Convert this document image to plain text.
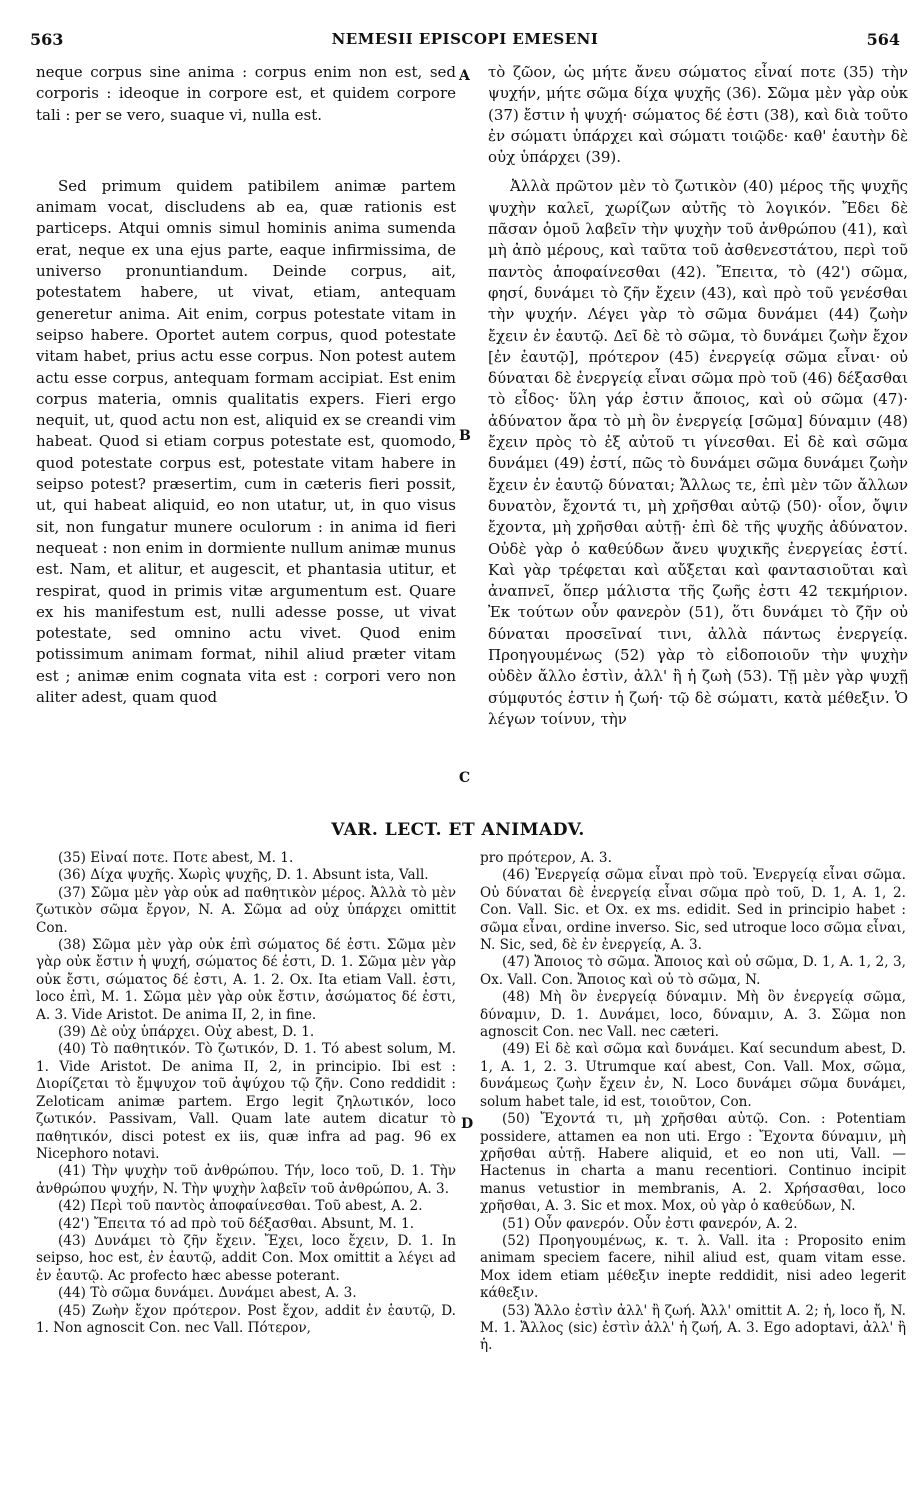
563	NEMESII EPISCOPI EMESENI	564

neque corpus sine anima : corpus enim non est, sed corporis : ideoque in corpore est, et quidem corpore tali : per se vero, suaque vi, nulla est.

Sed primum quidem patibilem animæ partem animam vocat, discludens ab ea, quæ rationis est particeps. Atqui omnis simul hominis anima sumenda erat, neque ex una ejus parte, eaque infirmissima, de universo pronuntiandum. Deinde corpus, ait, potestatem habere, ut vivat, etiam, antequam generetur anima. Ait enim, corpus potestate vitam in seipso habere. Oportet autem corpus, quod potestate vitam habet, prius actu esse corpus. Non potest autem actu esse corpus, antequam formam accipiat. Est enim corpus materia, omnis qualitatis expers. Fieri ergo nequit, ut, quod actu non est, aliquid ex se creandi vim habeat. Quod si etiam corpus potestate est, quomodo, quod potestate corpus est, potestate vitam habere in seipso potest? præsertim, cum in cæteris fieri possit, ut, qui habeat aliquid, eo non utatur, ut, in quo visus sit, non fungatur munere oculorum : in anima id fieri nequeat : non enim in dormiente nullum animæ munus est. Nam, et alitur, et augescit, et phantasia utitur, et respirat, quod in primis vitæ argumentum est. Quare ex his manifestum est, nulli adesse posse, ut vivat potestate, sed omnino actu vivet. Quod enim potissimum animam format, nihil aliud præter vitam est ; animæ enim cognata vita est : corpori vero non aliter adest, quam quod

A
B
C

τὸ ζῶον, ὡς μήτε ἄνευ σώματος εἶναί ποτε (35) τὴν ψυχήν, μήτε σῶμα δίχα ψυχῆς (36). Σῶμα μὲν γὰρ οὐκ (37) ἔστιν ἡ ψυχή· σώματος δέ ἐστι (38), καὶ διὰ τοῦτο ἐν σώματι ὑπάρχει καὶ σώματι τοιῷδε· καθ' ἑαυτὴν δὲ οὐχ ὑπάρχει (39).

Ἀλλὰ πρῶτον μὲν τὸ ζωτικὸν (40) μέρος τῆς ψυχῆς ψυχὴν καλεῖ, χωρίζων αὐτῆς τὸ λογικόν. Ἔδει δὲ πᾶσαν ὁμοῦ λαβεῖν τὴν ψυχὴν τοῦ ἀνθρώπου (41), καὶ μὴ ἀπὸ μέρους, καὶ ταῦτα τοῦ ἀσθενεστάτου, περὶ τοῦ παντὸς ἀποφαίνεσθαι (42). Ἔπειτα, τὸ (42') σῶμα, φησί, δυνάμει τὸ ζῆν ἔχειν (43), καὶ πρὸ τοῦ γενέσθαι τὴν ψυχήν. Λέγει γὰρ τὸ σῶμα δυνάμει (44) ζωὴν ἔχειν ἐν ἑαυτῷ. Δεῖ δὲ τὸ σῶμα, τὸ δυνάμει ζωὴν ἔχον [ἐν ἑαυτῷ], πρότερον (45) ἐνεργείᾳ σῶμα εἶναι· οὐ δύναται δὲ ἐνεργείᾳ εἶναι σῶμα πρὸ τοῦ (46) δέξασθαι τὸ εἶδος· ὕλη γάρ ἐστιν ἄποιος, καὶ οὐ σῶμα (47)· ἀδύνατον ἄρα τὸ μὴ ὂν ἐνεργείᾳ [σῶμα] δύναμιν (48) ἔχειν πρὸς τὸ ἐξ αὐτοῦ τι γίνεσθαι. Εἰ δὲ καὶ σῶμα δυνάμει (49) ἐστί, πῶς τὸ δυνάμει σῶμα δυνάμει ζωὴν ἔχειν ἐν ἑαυτῷ δύναται; Ἄλλως τε, ἐπὶ μὲν τῶν ἄλλων δυνατὸν, ἔχοντά τι, μὴ χρῆσθαι αὐτῷ (50)· οἷον, ὄψιν ἔχοντα, μὴ χρῆσθαι αὐτῇ· ἐπὶ δὲ τῆς ψυχῆς ἀδύνατον. Οὐδὲ γὰρ ὁ καθεύδων ἄνευ ψυχικῆς ἐνεργείας ἐστί. Καὶ γὰρ τρέφεται καὶ αὔξεται καὶ φαντασιοῦται καὶ ἀναπνεῖ, ὅπερ μάλιστα τῆς ζωῆς ἐστι 42 τεκμήριον. Ἐκ τούτων οὖν φανερὸν (51), ὅτι δυνάμει τὸ ζῆν οὐ δύναται προσεῖναί τινι, ἀλλὰ πάντως ἐνεργείᾳ. Προηγουμένως (52) γὰρ τὸ εἰδοποιοῦν τὴν ψυχὴν οὐδὲν ἄλλο ἐστὶν, ἀλλ' ἢ ἡ ζωὴ (53). Τῇ μὲν γὰρ ψυχῇ σύμφυτός ἐστιν ἡ ζωή· τῷ δὲ σώματι, κατὰ μέθεξιν. Ὁ λέγων τοίνυν, τὴν

VAR. LECT. ET ANIMADV.

(35) Εἶναί ποτε. Ποτε abest, M. 1.

(36) Δίχα ψυχῆς. Χωρὶς ψυχῆς, D. 1. Absunt ista, Vall.

(37) Σῶμα μὲν γὰρ οὐκ ad παθητικὸν μέρος. Ἀλλὰ τὸ μὲν ζωτικὸν σῶμα ἔργον, N. A. Σῶμα ad οὐχ ὑπάρχει omittit Con.

(38) Σῶμα μὲν γὰρ οὐκ ἐπὶ σώματος δέ ἐστι. Σῶμα μὲν γὰρ οὐκ ἔστιν ἡ ψυχή, σώματος δέ ἐστι, D. 1. Σῶμα μὲν γὰρ οὐκ ἔστι, σώματος δέ ἐστι, A. 1. 2. Ox. Ita etiam Vall. ἐστι, loco ἐπὶ, M. 1. Σῶμα μὲν γὰρ οὐκ ἔστιν, ἀσώματος δέ ἐστι, A. 3. Vide Aristot. De anima II, 2, in fine.

(39) Δὲ οὐχ ὑπάρχει. Οὐχ abest, D. 1.

(40) Τὸ παθητικόν. Τὸ ζωτικόν, D. 1. Τό abest solum, M. 1. Vide Aristot. De anima II, 2, in principio. Ibi est : Διορίζεται τὸ ἔμψυχον τοῦ ἀψύχου τῷ ζῆν. Cono reddidit : Zeloticam animæ partem. Ergo legit ζηλωτικόν, loco ζωτικόν. Passivam, Vall. Quam late autem dicatur τὸ παθητικόν, disci potest ex iis, quæ infra ad pag. 96 ex Nicephoro notavi.

(41) Τὴν ψυχὴν τοῦ ἀνθρώπου. Τήν, loco τοῦ, D. 1. Τὴν ἀνθρώπου ψυχήν, N. Τὴν ψυχὴν λαβεῖν τοῦ ἀνθρώπου, A. 3.

(42) Περὶ τοῦ παντὸς ἀποφαίνεσθαι. Τοῦ abest, A. 2.

(42') Ἔπειτα τό ad πρὸ τοῦ δέξασθαι. Absunt, M. 1.

(43) Δυνάμει τὸ ζῆν ἔχειν. Ἔχει, loco ἔχειν, D. 1. In seipso, hoc est, ἐν ἑαυτῷ, addit Con. Mox omittit a λέγει ad ἐν ἑαυτῷ. Ac profecto hæc abesse poterant.

(44) Τὸ σῶμα δυνάμει. Δυνάμει abest, A. 3.

(45) Ζωὴν ἔχον πρότερον. Post ἔχον, addit ἐν ἑαυτῷ, D. 1. Non agnoscit Con. nec Vall. Πότερον,

D

pro πρότερον, A. 3.

(46) Ἐνεργείᾳ σῶμα εἶναι πρὸ τοῦ. Ἐνεργείᾳ εἶναι σῶμα. Οὐ δύναται δὲ ἐνεργείᾳ εἶναι σῶμα πρὸ τοῦ, D. 1, A. 1, 2. Con. Vall. Sic. et Ox. ex ms. edidit. Sed in principio habet : σῶμα εἶναι, ordine inverso. Sic, sed utroque loco σῶμα εἶναι, N. Sic, sed, δὲ ἐν ἐνεργείᾳ, A. 3.

(47) Ἄποιος τὸ σῶμα. Ἄποιος καὶ οὐ σῶμα, D. 1, A. 1, 2, 3, Ox. Vall. Con. Ἄποιος καὶ οὐ τὸ σῶμα, N.

(48) Μὴ ὂν ἐνεργείᾳ δύναμιν. Μὴ ὂν ἐνεργείᾳ σῶμα, δύναμιν, D. 1. Δυνάμει, loco, δύναμιν, A. 3. Σῶμα non agnoscit Con. nec Vall. nec cæteri.

(49) Εἰ δὲ καὶ σῶμα καὶ δυνάμει. Καί secundum abest, D. 1, A. 1, 2. 3. Utrumque καί abest, Con. Vall. Mox, σῶμα, δυνάμεως ζωὴν ἔχειν ἐν, N. Loco δυνάμει σῶμα δυνάμει, solum habet tale, id est, τοιοῦτον, Con.

(50) Ἔχοντά τι, μὴ χρῆσθαι αὐτῷ. Con. : Potentiam possidere, attamen ea non uti. Ergo : Ἔχοντα δύναμιν, μὴ χρῆσθαι αὐτῇ. Habere aliquid, et eo non uti, Vall. — Hactenus in charta a manu recentiori. Continuo incipit manus vetustior in membranis, A. 2. Χρήσασθαι, loco χρῆσθαι, A. 3. Sic et mox. Mox, οὐ γὰρ ὁ καθεύδων, N.

(51) Οὖν φανερόν. Οὖν ἐστι φανερόν, A. 2.

(52) Προηγουμένως, κ. τ. λ. Vall. ita : Proposito enim animam speciem facere, nihil aliud est, quam vitam esse. Mox idem etiam μέθεξιν inepte reddidit, nisi adeo legerit κάθεξιν.

(53) Ἄλλο ἐστὶν ἀλλ' ἢ ζωή. Ἀλλ' omittit A. 2; ἡ, loco ἤ, N. M. 1. Ἄλλος (sic) ἐστὶν ἀλλ' ἡ ζωή, A. 3. Ego adoptavi, ἀλλ' ἢ ἡ.
